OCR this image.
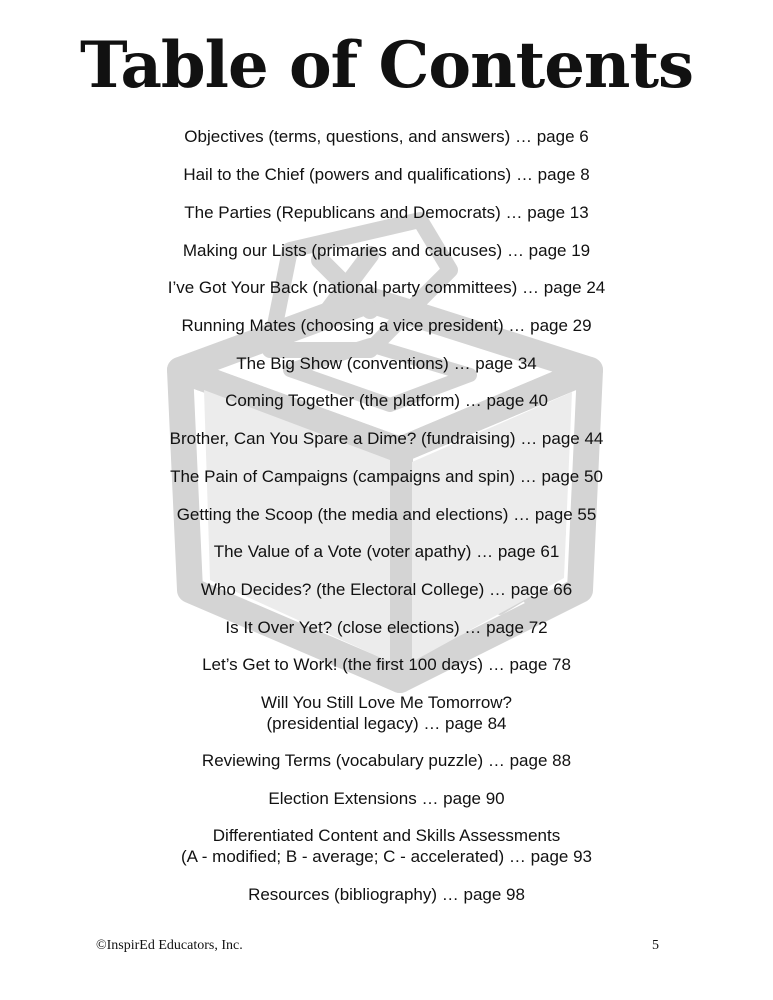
Table of Contents
Objectives (terms, questions, and answers) … page 6
Hail to the Chief (powers and qualifications) … page 8
The Parties (Republicans and Democrats) … page 13
Making our Lists (primaries and caucuses) … page 19
I’ve Got Your Back (national party committees) … page 24
Running Mates (choosing a vice president) … page 29
The Big Show (conventions) … page 34
Coming Together (the platform) … page 40
Brother, Can You Spare a Dime? (fundraising) … page 44
The Pain of Campaigns (campaigns and spin) … page 50
Getting the Scoop (the media and elections) … page 55
The Value of a Vote (voter apathy) … page 61
Who Decides? (the Electoral College) … page 66
Is It Over Yet? (close elections) … page 72
Let’s Get to Work! (the first 100 days) … page 78
Will You Still Love Me Tomorrow?
(presidential legacy) … page 84
Reviewing Terms (vocabulary puzzle) … page 88
Election Extensions … page 90
Differentiated Content and Skills Assessments
(A - modified; B - average; C - accelerated) … page 93
Resources (bibliography) … page 98
©InspirEd Educators, Inc.	5
